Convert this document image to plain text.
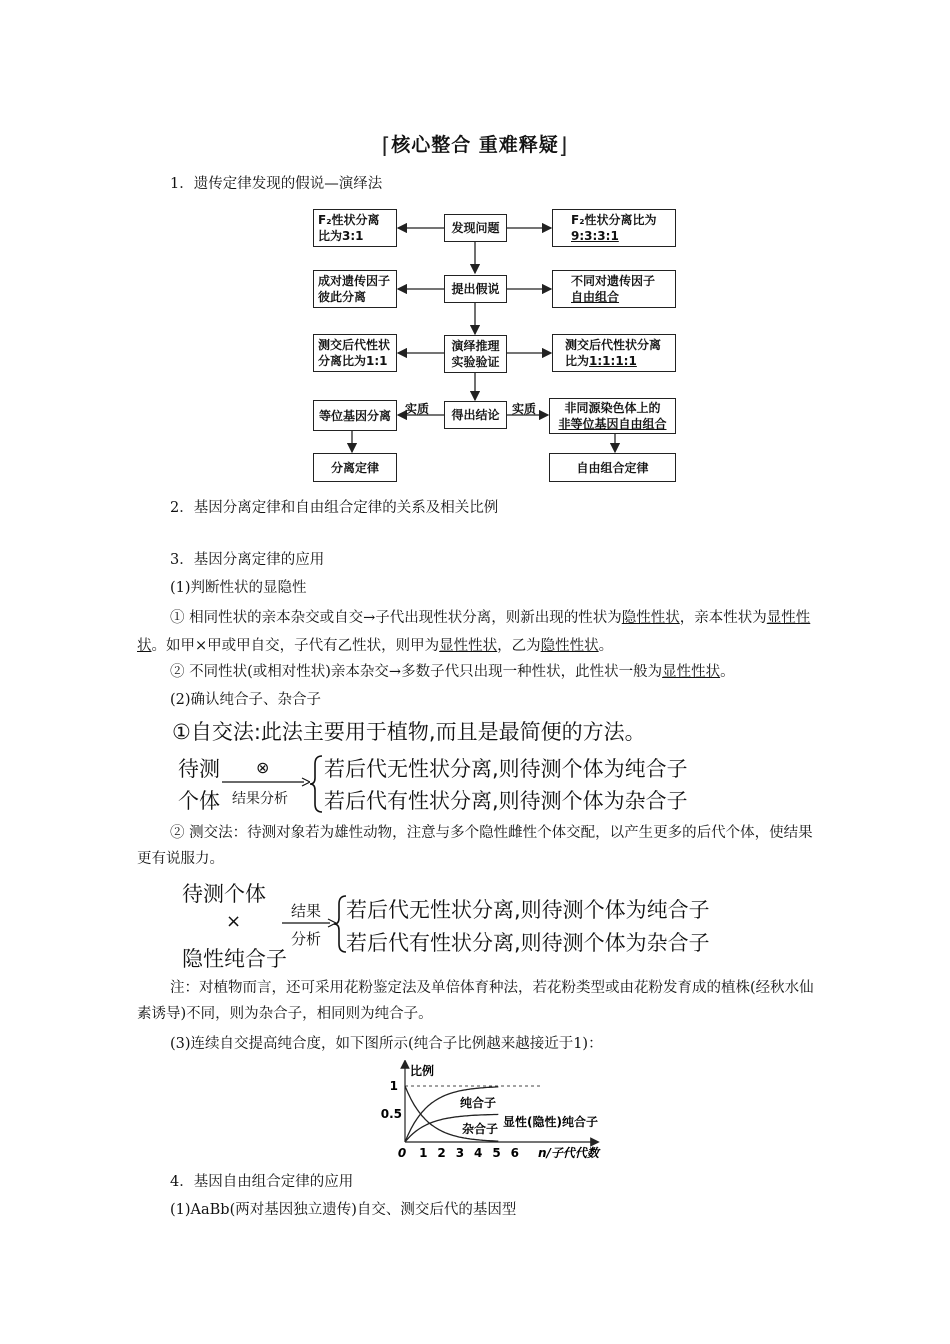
⌈核心整合 重难释疑⌋
1．遗传定律发现的假说—演绎法
发现问题
提出假说
演绎推理
实验验证
得出结论
F₂性状分离
比为3:1
成对遗传因子
彼此分离
测交后代性状
分离比为1:1
等位基因分离
分离定律
F₂性状分离比为
9:3:3:1
不同对遗传因子
自由组合
测交后代性状分离
比为1:1:1:1
非同源染色体上的
非等位基因自由组合
自由组合定律
实质	实质
2．基因分离定律和自由组合定律的关系及相关比例
3．基因分离定律的应用
(1)判断性状的显隐性
① 相同性状的亲本杂交或自交→子代出现性状分离，则新出现的性状为隐性性状，亲本性状为显性性状。如甲×甲或甲自交，子代有乙性状，则甲为显性性状，乙为隐性性状。
② 不同性状(或相对性状)亲本杂交→多数子代只出现一种性状，此性状一般为显性性状。
(2)确认纯合子、杂合子
①自交法:此法主要用于植物,而且是最简便的方法。
待测
个体
⊗
结果分析
若后代无性状分离,则待测个体为纯合子
若后代有性状分离,则待测个体为杂合子
② 测交法：待测对象若为雄性动物，注意与多个隐性雌性个体交配，以产生更多的后代个体，使结果更有说服力。
待测个体
×
隐性纯合子
结果
分析
若后代无性状分离,则待测个体为纯合子
若后代有性状分离,则待测个体为杂合子
注：对植物而言，还可采用花粉鉴定法及单倍体育种法，若花粉类型或由花粉发育成的植株(经秋水仙素诱导)不同，则为杂合子，相同则为纯合子。
(3)连续自交提高纯合度，如下图所示(纯合子比例越来越接近于1)：
比例
n/子代代数
1
0.5
0 1 2 3 4 5 6
纯合子
显性(隐性)纯合子
杂合子
4．基因自由组合定律的应用
(1)AaBb(两对基因独立遗传)自交、测交后代的基因型
